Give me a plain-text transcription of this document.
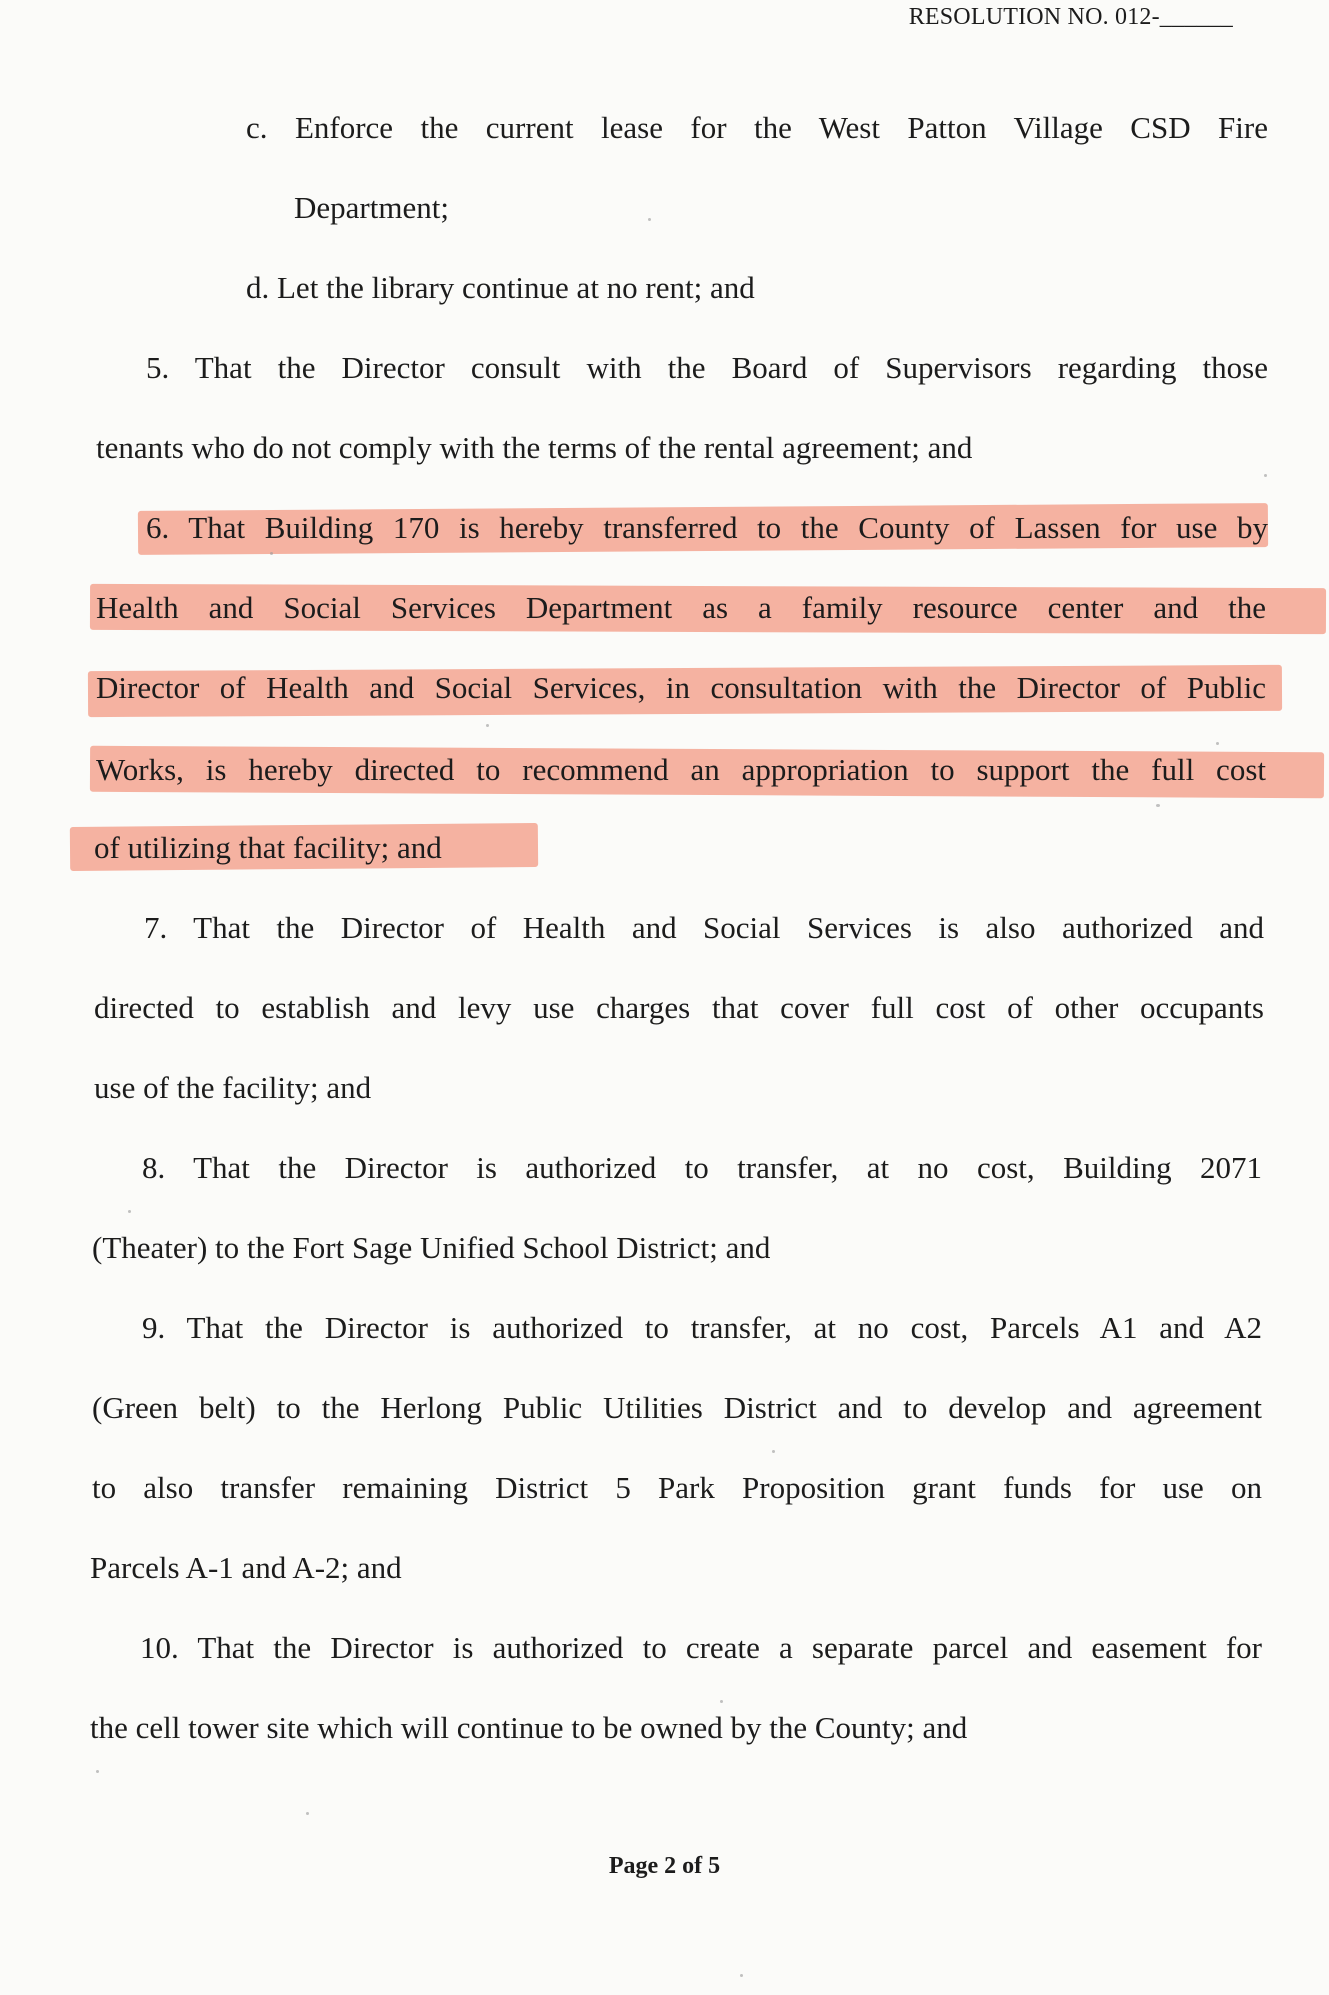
RESOLUTION NO. 012-______
c. Enforce the current lease for the West Patton Village CSD Fire
Department;
d. Let the library continue at no rent; and
5. That the Director consult with the Board of Supervisors regarding those
tenants who do not comply with the terms of the rental agreement; and
6. That Building 170 is hereby transferred to the County of Lassen for use by
Health and Social Services Department as a family resource center and the
Director of Health and Social Services, in consultation with the Director of Public
Works, is hereby directed to recommend an appropriation to support the full cost
of utilizing that facility; and
7. That the Director of Health and Social Services is also authorized and
directed to establish and levy use charges that cover full cost of other occupants
use of the facility; and
8. That the Director is authorized to transfer, at no cost, Building 2071
(Theater) to the Fort Sage Unified School District; and
9. That the Director is authorized to transfer, at no cost, Parcels A1 and A2
(Green belt) to the Herlong Public Utilities District and to develop and agreement
to also transfer remaining District 5 Park Proposition grant funds for use on
Parcels A-1 and A-2; and
10. That the Director is authorized to create a separate parcel and easement for
the cell tower site which will continue to be owned by the County; and
Page 2 of 5
